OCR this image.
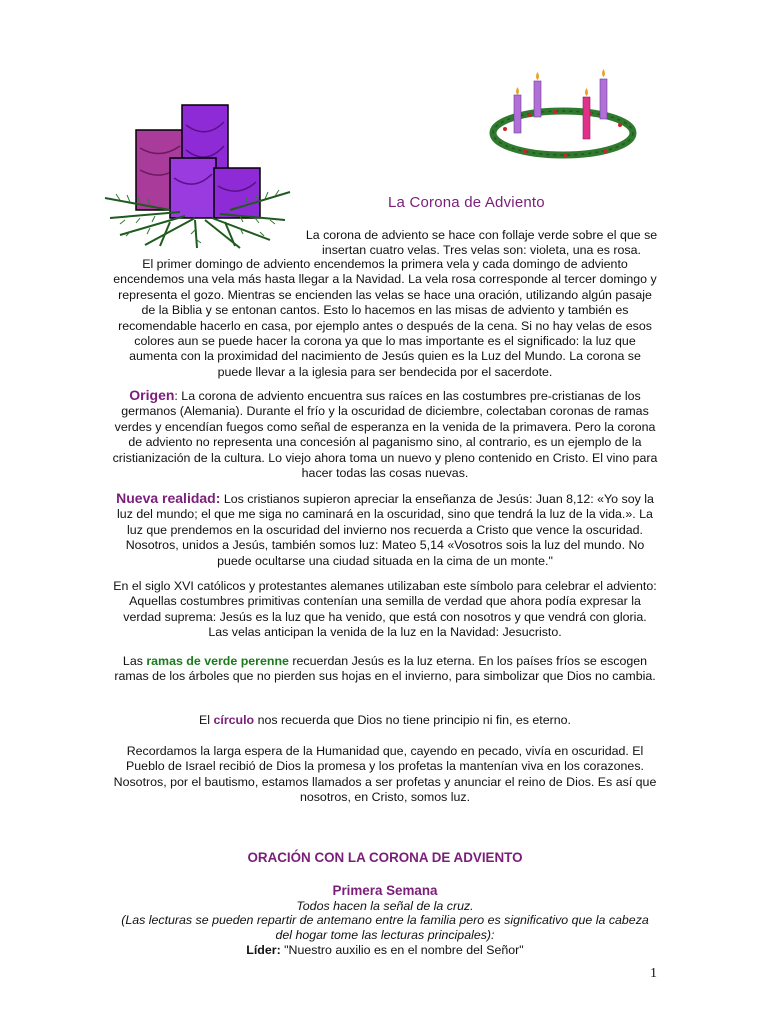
La Corona de Adviento

La corona de adviento se hace con follaje verde sobre el que se insertan cuatro velas. Tres velas son: violeta, una es rosa.

El primer domingo de adviento encendemos la primera vela y cada domingo de adviento encendemos una vela más hasta llegar a la Navidad. La vela rosa corresponde al tercer domingo y representa el gozo. Mientras se encienden las velas se hace una oración, utilizando algún pasaje de la Biblia y se entonan cantos. Esto lo hacemos en las misas de adviento y también es recomendable hacerlo en casa, por ejemplo antes o después de la cena. Si no hay velas de esos colores aun se puede hacer la corona ya que lo mas importante es el significado: la luz que aumenta con la proximidad del nacimiento de Jesús quien es la Luz del Mundo. La corona se puede llevar a la iglesia para ser bendecida por el sacerdote.

Origen: La corona de adviento encuentra sus raíces en las costumbres pre-cristianas de los germanos (Alemania). Durante el frío y la oscuridad de diciembre, colectaban coronas de ramas verdes y encendían fuegos como señal de esperanza en la venida de la primavera. Pero la corona de adviento no representa una concesión al paganismo sino, al contrario, es un ejemplo de la cristianización de la cultura. Lo viejo ahora toma un nuevo y pleno contenido en Cristo. El vino para hacer todas las cosas nuevas.

Nueva realidad: Los cristianos supieron apreciar la enseñanza de Jesús: Juan 8,12: «Yo soy la luz del mundo; el que me siga no caminará en la oscuridad, sino que tendrá la luz de la vida.». La luz que prendemos en la oscuridad del invierno nos recuerda a Cristo que vence la oscuridad. Nosotros, unidos a Jesús, también somos luz: Mateo 5,14 «Vosotros sois la luz del mundo. No puede ocultarse una ciudad situada en la cima de un monte."

En el siglo XVI católicos y protestantes alemanes utilizaban este símbolo para celebrar el adviento: Aquellas costumbres primitivas contenían una semilla de verdad que ahora podía expresar la verdad suprema: Jesús es la luz que ha venido, que está con nosotros y que vendrá con gloria. Las velas anticipan la venida de la luz en la Navidad: Jesucristo.

Las ramas de verde perenne recuerdan Jesús es la luz eterna. En los países fríos se escogen ramas de los árboles que no pierden sus hojas en el invierno, para simbolizar que Dios no cambia.

El círculo nos recuerda que Dios no tiene principio ni fin, es eterno.

Recordamos la larga espera de la Humanidad que, cayendo en pecado, vivía en oscuridad. El Pueblo de Israel recibió de Dios la promesa y los profetas la mantenían viva en los corazones. Nosotros, por el bautismo, estamos llamados a ser profetas y anunciar el reino de Dios. Es así que nosotros, en Cristo, somos luz.

ORACIÓN CON LA CORONA DE ADVIENTO
Primera Semana

Todos hacen la señal de la cruz.

(Las lecturas se pueden repartir de antemano entre la familia pero es significativo que la cabeza del hogar tome las lecturas principales):

Líder: "Nuestro auxilio es en el nombre del Señor"
1
